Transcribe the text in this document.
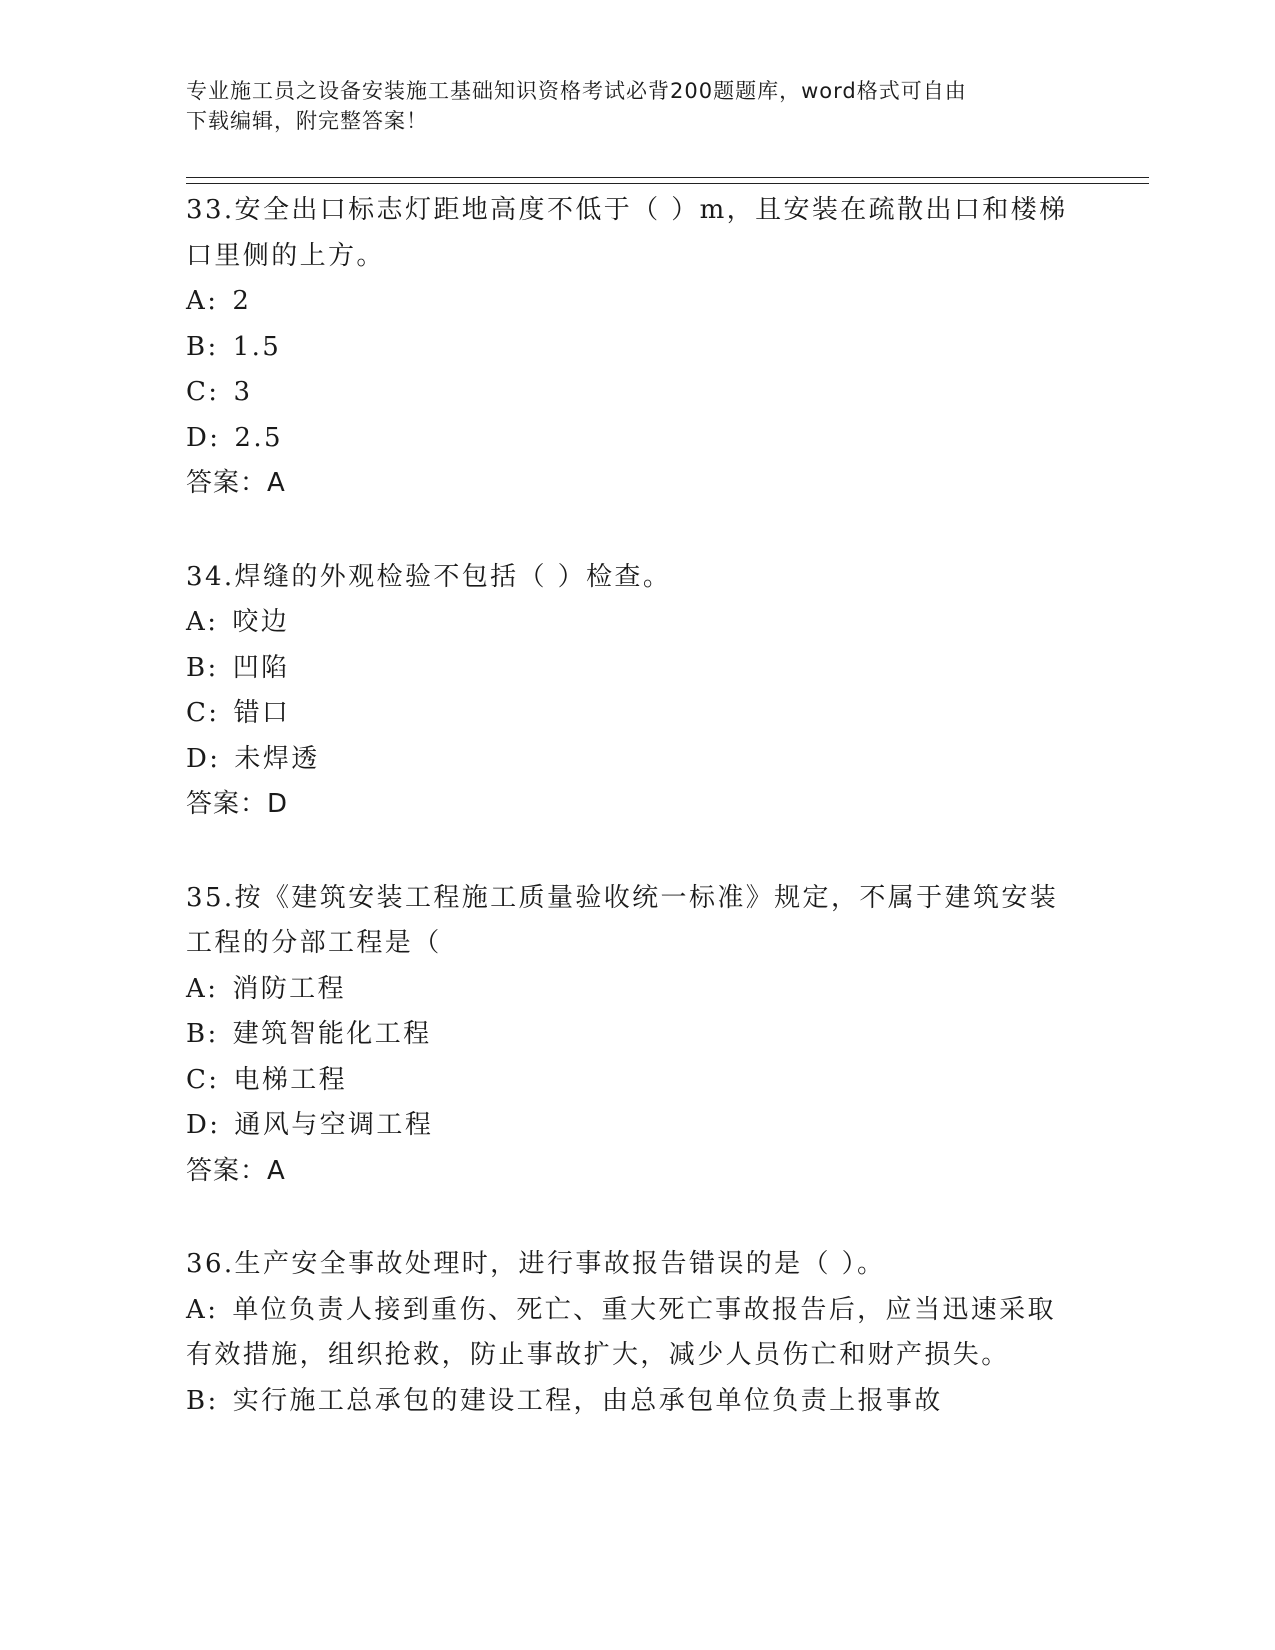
专业施工员之设备安装施工基础知识资格考试必背200题题库，word格式可自由
下载编辑，附完整答案！

33.安全出口标志灯距地高度不低于（ ）m，且安装在疏散出口和楼梯

口里侧的上方。

A: 2

B: 1.5

C: 3

D: 2.5

答案：A

34.焊缝的外观检验不包括（ ）检查。

A: 咬边

B: 凹陷

C: 错口

D: 未焊透

答案：D

35.按《建筑安装工程施工质量验收统一标准》规定，不属于建筑安装

工程的分部工程是（

A: 消防工程

B: 建筑智能化工程

C: 电梯工程

D: 通风与空调工程

答案：A

36.生产安全事故处理时，进行事故报告错误的是（ ）。

A: 单位负责人接到重伤、死亡、重大死亡事故报告后，应当迅速采取

有效措施，组织抢救，防止事故扩大，减少人员伤亡和财产损失。

B: 实行施工总承包的建设工程，由总承包单位负责上报事故
